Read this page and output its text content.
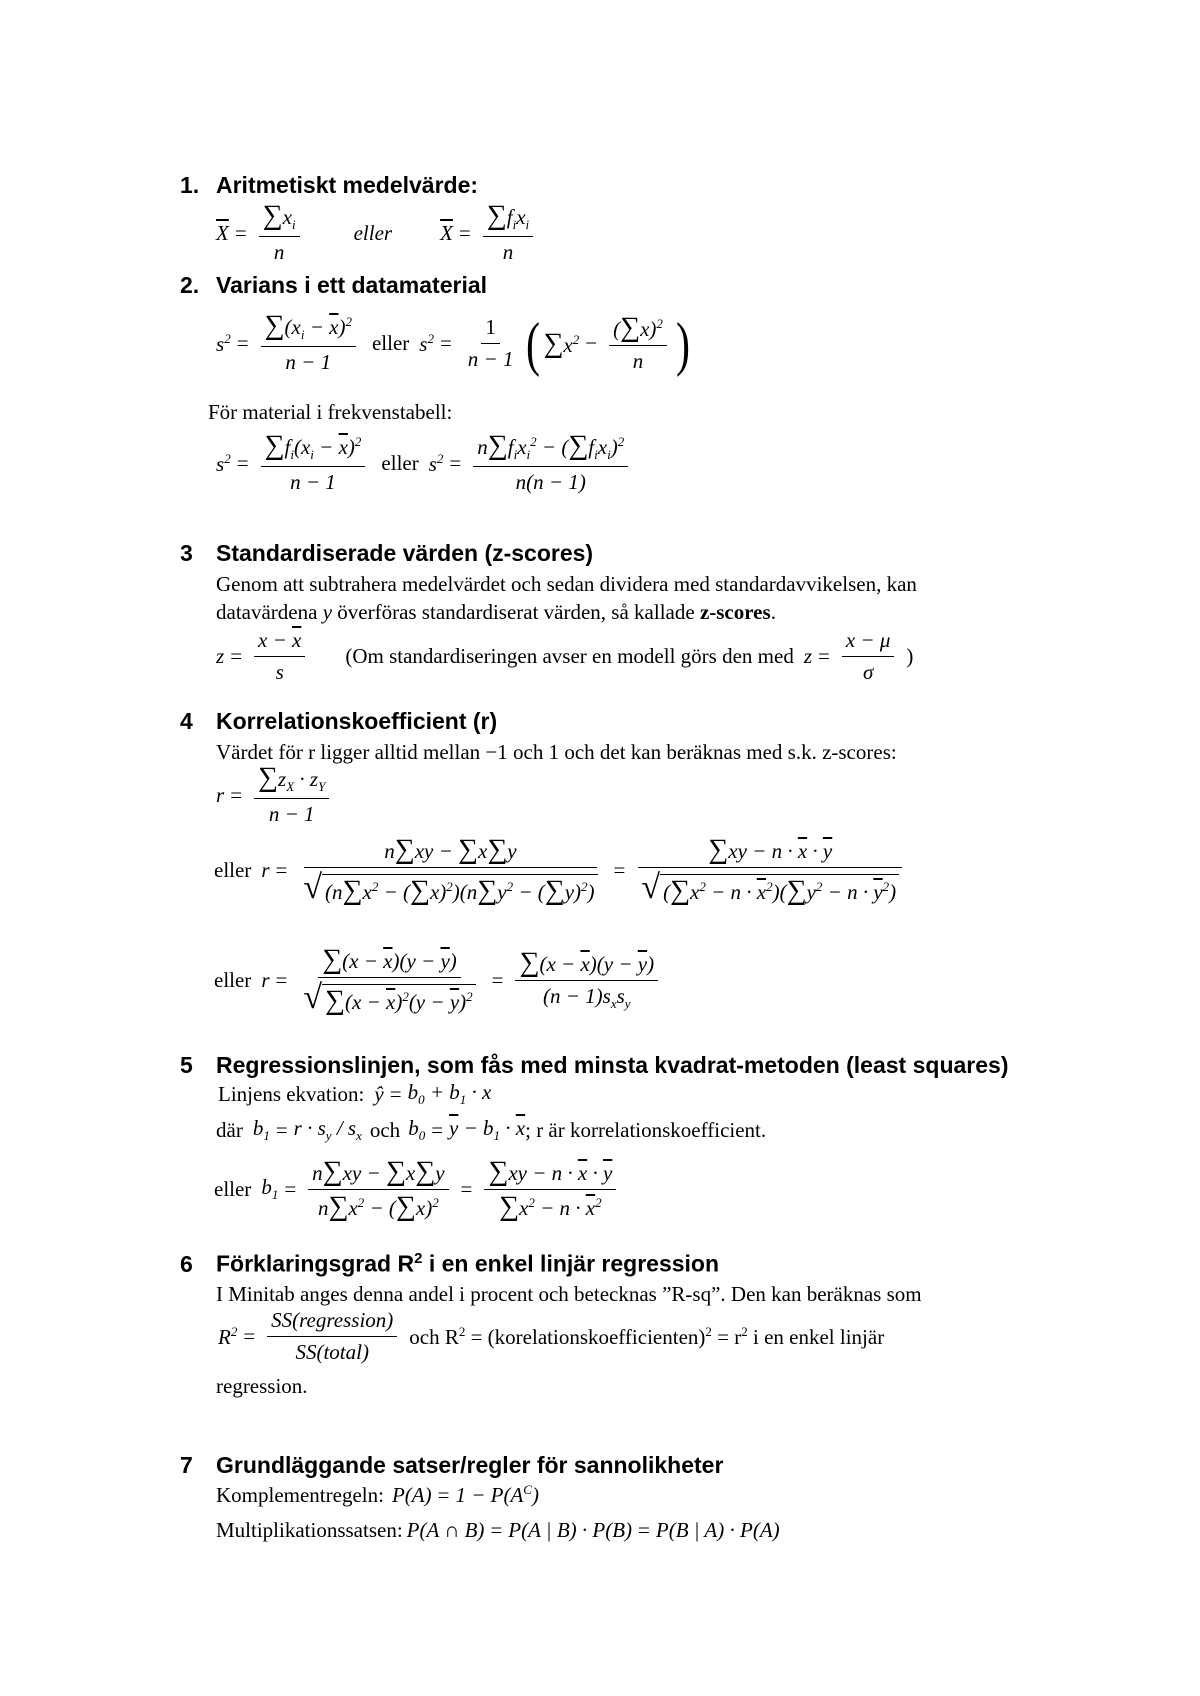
1. Aritmetiskt medelvärde:
$\overline{X} = \frac{\sum x_i}{n}$	eller $\overline{X} = \frac{\sum f_ix_i}{n}$
2. Varians i ett datamaterial
$s^2 = \frac{\sum(x_i - \overline{x})^2}{n - 1}$ eller $s^2 = \frac{1}{n - 1}$ ( $\sum x^2 - \frac{(\sum x)^2}{n}$ )
För material i frekvenstabell:
$s^2 = \frac{\sum f_i(x_i - \overline{x})^2}{n - 1}$ eller $s^2 = \frac{n\sum f_ix_i^2 - (\sum f_ix_i)^2}{n(n - 1)}$
3	Standardiserade värden (z-scores)
Genom att subtrahera medelvärdet och sedan dividera med standardavvikelsen, kan
datavärdena y överföras standardiserat värden, så kallade z-scores.
$z = \frac{x - \overline{x}}{s} (Om$ standardiseringen avser en modell görs den med $z = \frac{x - \mu}{\sigma}$ )
4	Korrelationskoefficient (r)
Värdet för r ligger alltid mellan −1 och 1 och det kan beräknas med s.k. z-scores:
$r = \frac{\sum z_X \cdot z_Y}{n - 1}$
eller $r = \frac{n\sum xy - \sum x\sum y}{√ (n\sum x^2 - (\sum x)^2)(n\sum y^2 - (\sum y)^2)} = \frac{\sum xy - n \cdot \overline{x} \cdot \overline{y}}{√ (\sum x^2 - n \cdot \overline{x}^2)(\sum y^2 - n \cdot \overline{y}^2)}$
eller $r = \frac{\sum(x - \overline{x})(y - \overline{y})}{√ \sum(x - \overline{x})^2(y - \overline{y})^2} = \frac{\sum(x - \overline{x})(y - \overline{y})}{(n - 1)s_xs_y}$
5	Regressionslinjen, som fås med minsta kvadrat-metoden (least squares)
Linjens ekvation: ŷ = $b_0 + b_1 \cdot x$
där $b_1 = r \cdot s_y / s_x$ och $b_0 = \overline{y} - b_1 \cdot \overline{x}$ ; r är korrelationskoefficient.
eller $b_1 = \frac{n\sum xy - \sum x\sum y}{n\sum x^2 - (\sum x)^2} = \frac{\sum xy - n \cdot \overline{x} \cdot \overline{y}}{\sum x^2 - n \cdot \overline{x}^2}$
6	Förklaringsgrad $R^2$ i en enkel linjär regression
I Minitab anges denna andel i procent och betecknas ”R-sq”. Den kan beräknas som
$R^2 = \frac{\text{SS(regression)}}{\text{SS(total)}}$ och $R^2$ = (korelationskoefficienten)$^2$ = $r^2$ i en enkel linjär
regression.
7	Grundläggande satser/regler för sannolikheter
Komplementregeln: $P(A) = 1 - P(A^C)$
Multiplikationssatsen: P(A ∩ B) = P(A | B) · P(B) = P(B | A) · P(A)
